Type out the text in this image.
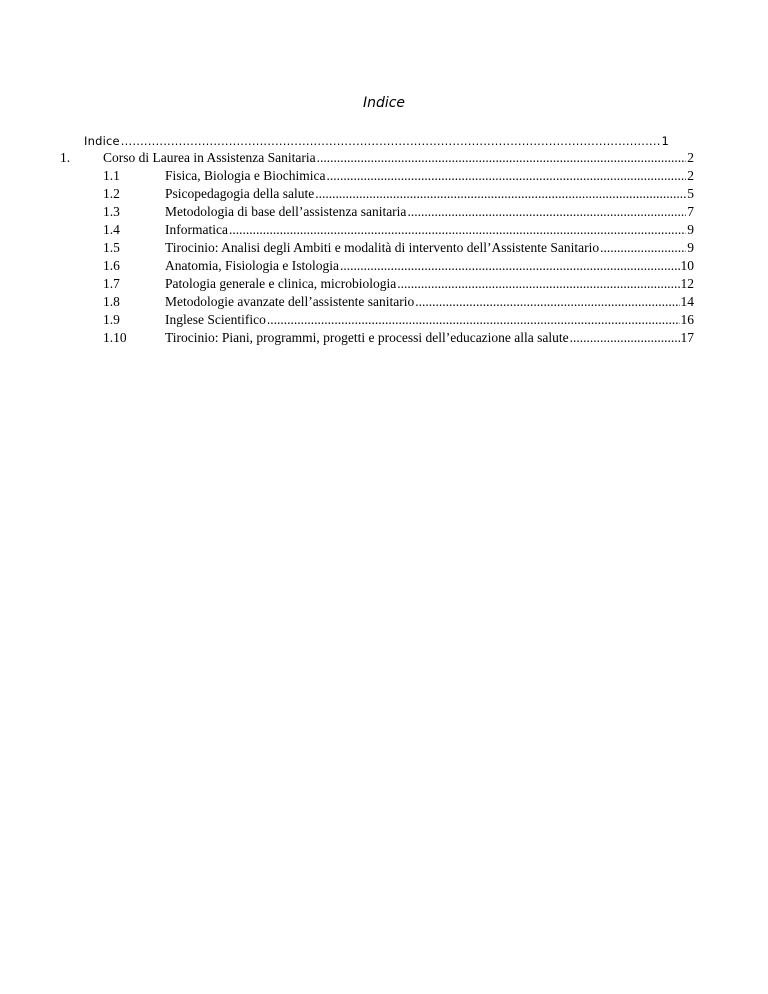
Indice
Indice .....	1
1.	Corso di Laurea in Assistenza Sanitaria .....	2
1.1	Fisica, Biologia e Biochimica .....	2
1.2	Psicopedagogia della salute .....	5
1.3	Metodologia di base dell’assistenza sanitaria .....	7
1.4	Informatica .....	9
1.5	Tirocinio: Analisi degli Ambiti e modalità di intervento dell’Assistente Sanitario .....	9
1.6	Anatomia, Fisiologia e Istologia .....	10
1.7	Patologia generale e clinica, microbiologia .....	12
1.8	Metodologie avanzate dell’assistente sanitario .....	14
1.9	Inglese Scientifico .....	16
1.10	Tirocinio: Piani, programmi, progetti e processi dell’educazione alla salute .....	17
